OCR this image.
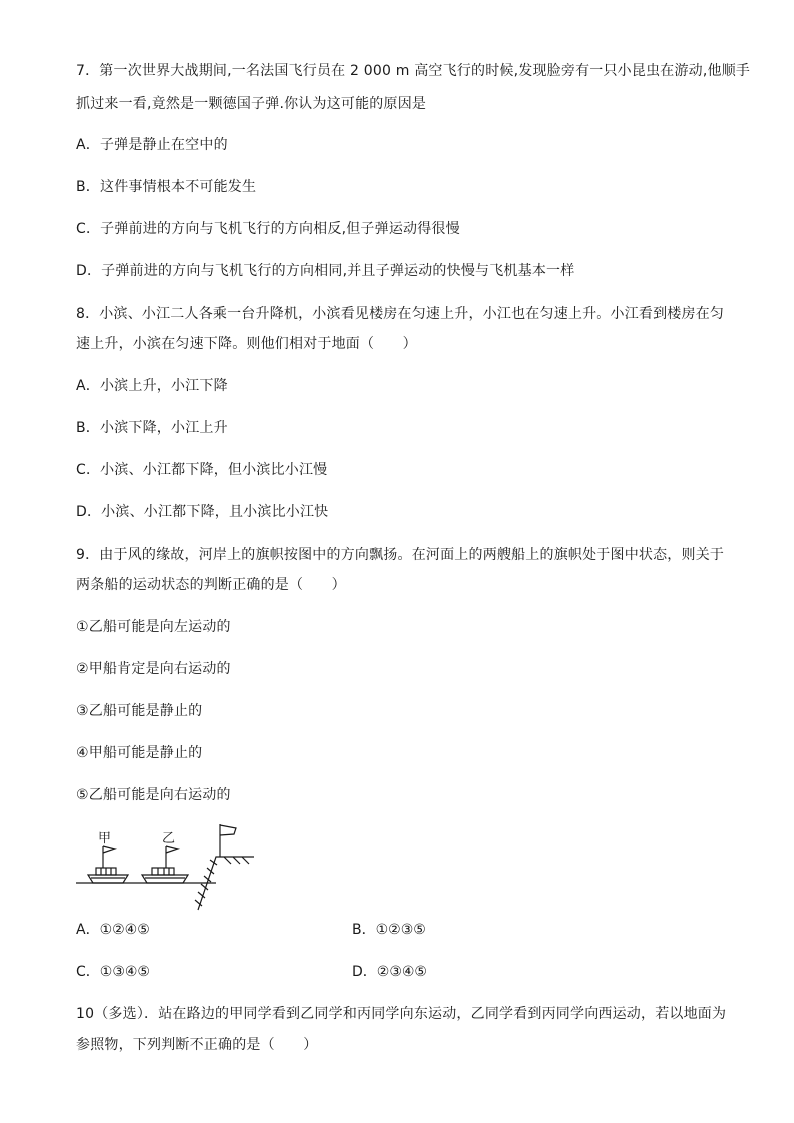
7．第一次世界大战期间,一名法国飞行员在 2 000 m 高空飞行的时候,发现脸旁有一只小昆虫在游动,他顺手
抓过来一看,竟然是一颗德国子弹.你认为这可能的原因是
A．子弹是静止在空中的
B．这件事情根本不可能发生
C．子弹前进的方向与飞机飞行的方向相反,但子弹运动得很慢
D．子弹前进的方向与飞机飞行的方向相同,并且子弹运动的快慢与飞机基本一样
8．小滨、小江二人各乘一台升降机，小滨看见楼房在匀速上升，小江也在匀速上升。小江看到楼房在匀
速上升，小滨在匀速下降。则他们相对于地面（　　）
A．小滨上升，小江下降
B．小滨下降，小江上升
C．小滨、小江都下降，但小滨比小江慢
D．小滨、小江都下降，且小滨比小江快
9．由于风的缘故，河岸上的旗帜按图中的方向飘扬。在河面上的两艘船上的旗帜处于图中状态，则关于
两条船的运动状态的判断正确的是（　　）
①乙船可能是向左运动的
②甲船肯定是向右运动的
③乙船可能是静止的
④甲船可能是静止的
⑤乙船可能是向右运动的
甲	乙
A．①②④⑤	B．①②③⑤
C．①③④⑤	D．②③④⑤
10（多选）．站在路边的甲同学看到乙同学和丙同学向东运动，乙同学看到丙同学向西运动，若以地面为
参照物，下列判断不正确的是（　　）
